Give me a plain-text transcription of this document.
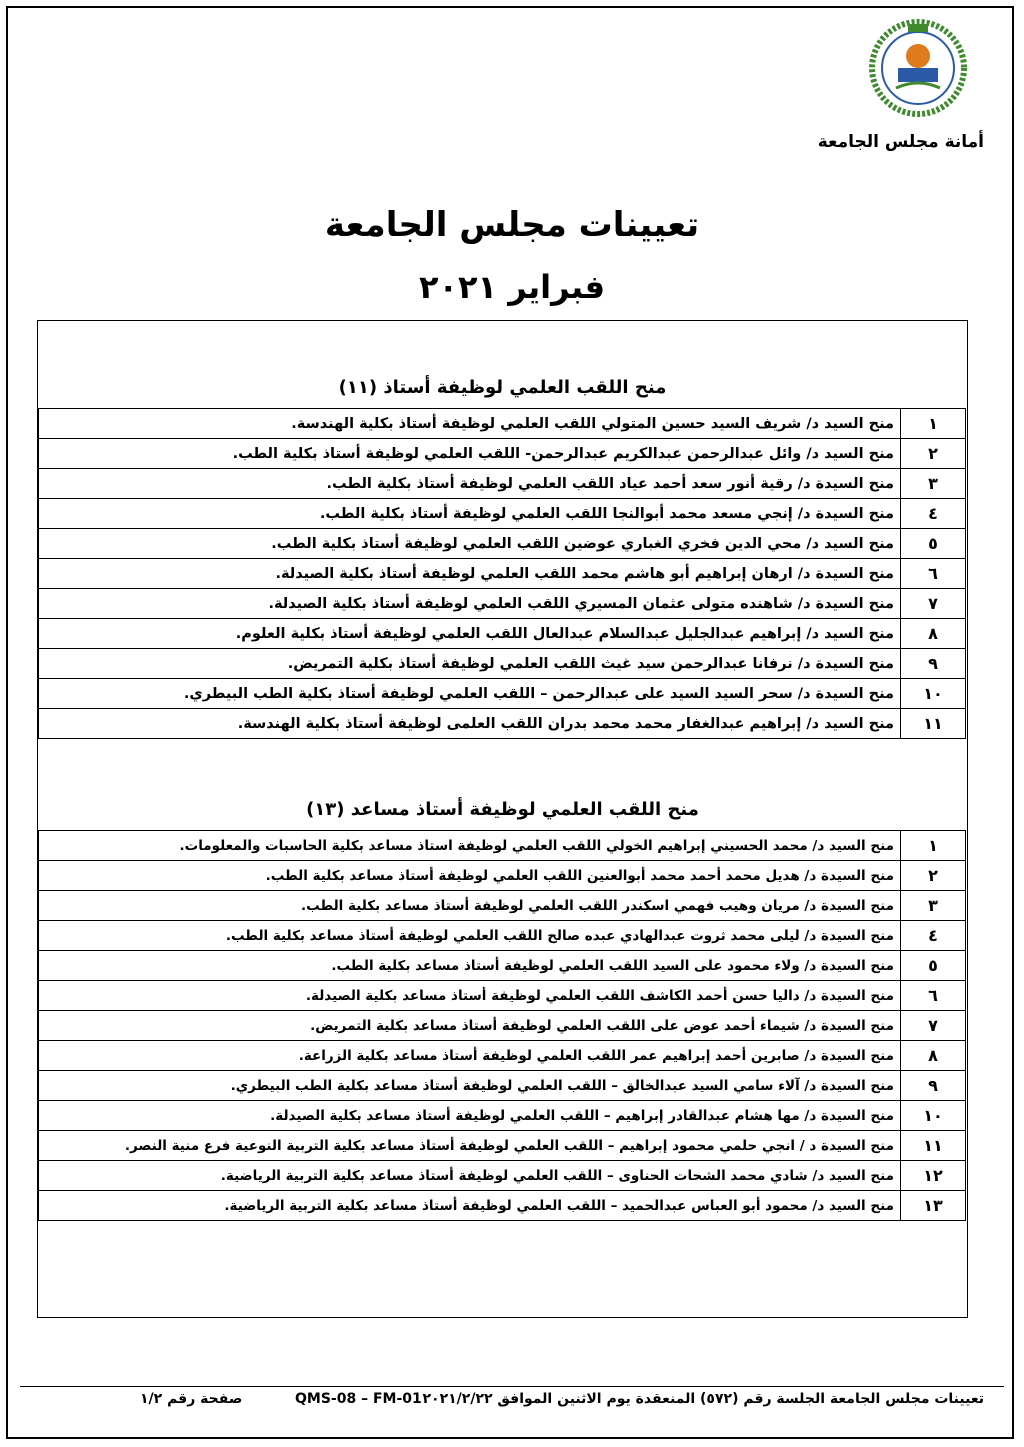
أمانة مجلس الجامعة
تعيينات مجلس الجامعة
فبراير ٢٠٢١
منح اللقب العلمي لوظيفة أستاذ (١١)
١	منح السيد د/ شريف السيد حسين المتولي اللقب العلمي لوظيفة أستاذ بكلية الهندسة.
٢	منح السيد د/ وائل عبدالرحمن عبدالكريم عبدالرحمن- اللقب العلمي لوظيفة أستاذ بكلية الطب.
٣	منح السيدة د/ رقية أنور سعد أحمد عياد اللقب العلمي لوظيفة أستاذ بكلية الطب.
٤	منح السيدة د/ إنجي مسعد محمد أبوالنجا اللقب العلمي لوظيفة أستاذ بكلية الطب.
٥	منح السيد د/ محي الدين فخري الغباري عوضين اللقب العلمي لوظيفة أستاذ بكلية الطب.
٦	منح السيدة د/ ارهان إبراهيم أبو هاشم محمد اللقب العلمي لوظيفة أستاذ بكلية الصيدلة.
٧	منح السيدة د/ شاهنده متولى عثمان المسيري اللقب العلمي لوظيفة أستاذ بكلية الصيدلة.
٨	منح السيد د/ إبراهيم عبدالجليل عبدالسلام عبدالعال اللقب العلمي لوظيفة أستاذ بكلية العلوم.
٩	منح السيدة د/ نرفانا عبدالرحمن سيد غيث اللقب العلمي لوظيفة أستاذ بكلية التمريض.
١٠	منح السيدة د/ سحر السيد السيد على عبدالرحمن – اللقب العلمي لوظيفة أستاذ بكلية الطب البيطري.
١١	منح السيد د/ إبراهيم عبدالغفار محمد محمد بدران اللقب العلمى لوظيفة أستاذ بكلية الهندسة.
منح اللقب العلمي لوظيفة أستاذ مساعد (١٣)
١	منح السيد د/ محمد الحسيني إبراهيم الخولي اللقب العلمي لوظيفة استاذ مساعد بكلية الحاسبات والمعلومات.
٢	منح السيدة د/ هديل محمد أحمد محمد أبوالعنين اللقب العلمي لوظيفة أستاذ مساعد بكلية الطب.
٣	منح السيدة د/ مريان وهيب فهمي اسكندر اللقب العلمي لوظيفة أستاذ مساعد بكلية الطب.
٤	منح السيدة د/ ليلى محمد ثروت عبدالهادي عبده صالح اللقب العلمي لوظيفة أستاذ مساعد بكلية الطب.
٥	منح السيدة د/ ولاء محمود على السيد اللقب العلمي لوظيفة أستاذ مساعد بكلية الطب.
٦	منح السيدة د/ داليا حسن أحمد الكاشف اللقب العلمي لوظيفة أستاذ مساعد بكلية الصيدلة.
٧	منح السيدة د/ شيماء أحمد عوض على اللقب العلمي لوظيفة أستاذ مساعد بكلية التمريض.
٨	منح السيدة د/ صابرين أحمد إبراهيم عمر اللقب العلمي لوظيفة أستاذ مساعد بكلية الزراعة.
٩	منح السيدة د/ آلاء سامي السيد عبدالخالق – اللقب العلمي لوظيفة أستاذ مساعد بكلية الطب البيطري.
١٠	منح السيدة د/ مها هشام عبدالقادر إبراهيم – اللقب العلمي لوظيفة أستاذ مساعد بكلية الصيدلة.
١١	منح السيدة د / انجي حلمي محمود إبراهيم – اللقب العلمي لوظيفة أستاذ مساعد بكلية التربية النوعية فرع منية النصر.
١٢	منح السيد د/ شادي محمد الشحات الحناوى – اللقب العلمي لوظيفة أستاذ مساعد بكلية التربية الرياضية.
١٣	منح السيد د/ محمود أبو العباس عبدالحميد – اللقب العلمي لوظيفة أستاذ مساعد بكلية التربية الرياضية.
تعيينات مجلس الجامعة الجلسة رقم (٥٧٢) المنعقدة يوم الاثنين الموافق ٢٠٢١/٢/٢٢
QMS-08 – FM-01
صفحة رقم ١/٢
